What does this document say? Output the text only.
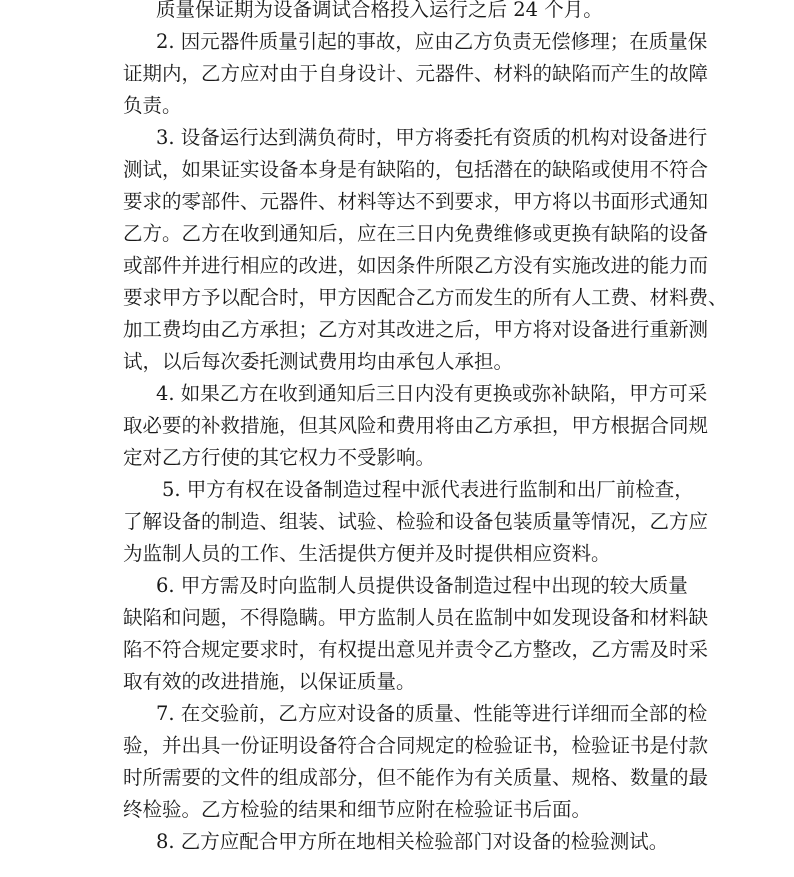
质量保证期为设备调试合格投入运行之后 24 个月。
2. 因元器件质量引起的事故，应由乙方负责无偿修理；在质量保
证期内，乙方应对由于自身设计、元器件、材料的缺陷而产生的故障
负责。
3. 设备运行达到满负荷时，甲方将委托有资质的机构对设备进行
测试，如果证实设备本身是有缺陷的，包括潜在的缺陷或使用不符合
要求的零部件、元器件、材料等达不到要求，甲方将以书面形式通知
乙方。乙方在收到通知后，应在三日内免费维修或更换有缺陷的设备
或部件并进行相应的改进，如因条件所限乙方没有实施改进的能力而
要求甲方予以配合时，甲方因配合乙方而发生的所有人工费、材料费、
加工费均由乙方承担；乙方对其改进之后，甲方将对设备进行重新测
试，以后每次委托测试费用均由承包人承担。
4. 如果乙方在收到通知后三日内没有更换或弥补缺陷，甲方可采
取必要的补救措施，但其风险和费用将由乙方承担，甲方根据合同规
定对乙方行使的其它权力不受影响。
5. 甲方有权在设备制造过程中派代表进行监制和出厂前检查，
了解设备的制造、组装、试验、检验和设备包装质量等情况，乙方应
为监制人员的工作、生活提供方便并及时提供相应资料。
6. 甲方需及时向监制人员提供设备制造过程中出现的较大质量
缺陷和问题，不得隐瞒。甲方监制人员在监制中如发现设备和材料缺
陷不符合规定要求时，有权提出意见并责令乙方整改，乙方需及时采
取有效的改进措施，以保证质量。
7. 在交验前，乙方应对设备的质量、性能等进行详细而全部的检
验，并出具一份证明设备符合合同规定的检验证书，检验证书是付款
时所需要的文件的组成部分，但不能作为有关质量、规格、数量的最
终检验。乙方检验的结果和细节应附在检验证书后面。
8. 乙方应配合甲方所在地相关检验部门对设备的检验测试。
